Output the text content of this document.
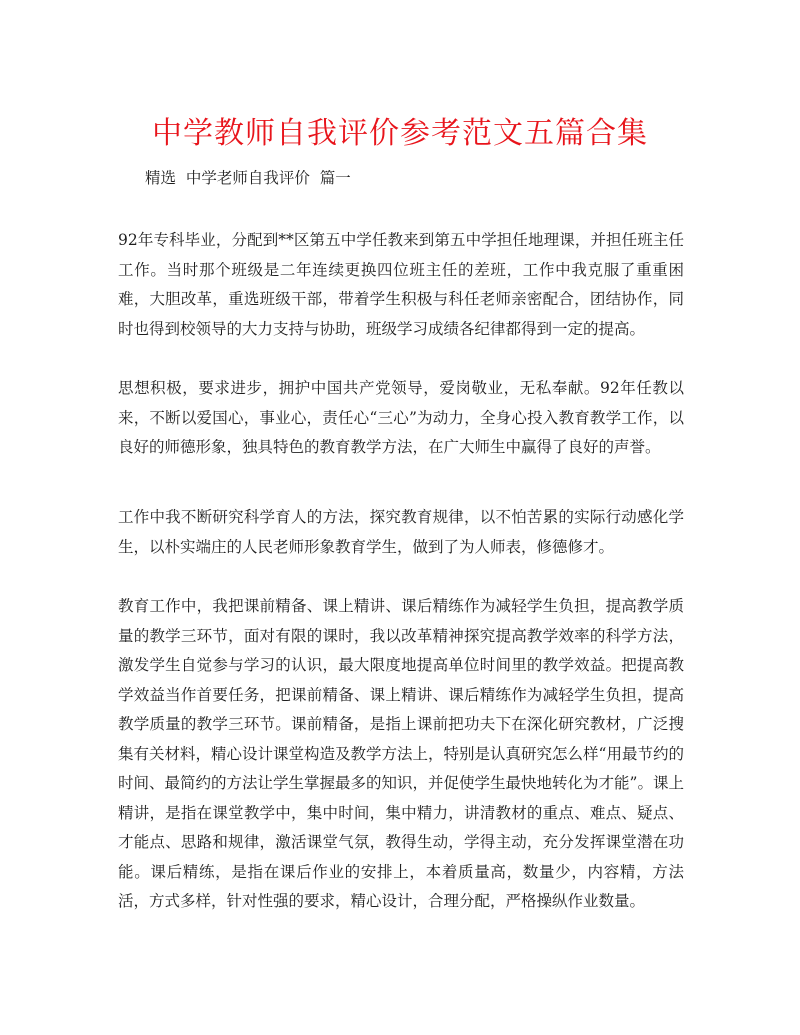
中学教师自我评价参考范文五篇合集

精选  中学老师自我评价  篇一

92年专科毕业，分配到**区第五中学任教来到第五中学担任地理课，并担任班主任工作。当时那个班级是二年连续更换四位班主任的差班，工作中我克服了重重困难，大胆改革，重选班级干部，带着学生积极与科任老师亲密配合，团结协作，同时也得到校领导的大力支持与协助，班级学习成绩各纪律都得到一定的提高。

思想积极，要求进步，拥护中国共产党领导，爱岗敬业，无私奉献。92年任教以来，不断以爱国心，事业心，责任心“三心”为动力，全身心投入教育教学工作，以良好的师德形象，独具特色的教育教学方法，在广大师生中赢得了良好的声誉。

工作中我不断研究科学育人的方法，探究教育规律，以不怕苦累的实际行动感化学生，以朴实端庄的人民老师形象教育学生，做到了为人师表，修德修才。

教育工作中，我把课前精备、课上精讲、课后精练作为减轻学生负担，提高教学质量的教学三环节，面对有限的课时，我以改革精神探究提高教学效率的科学方法，激发学生自觉参与学习的认识，最大限度地提高单位时间里的教学效益。把提高教学效益当作首要任务，把课前精备、课上精讲、课后精练作为减轻学生负担，提高教学质量的教学三环节。课前精备，是指上课前把功夫下在深化研究教材，广泛搜集有关材料，精心设计课堂构造及教学方法上，特别是认真研究怎么样“用最节约的时间、最简约的方法让学生掌握最多的知识，并促使学生最快地转化为才能”。课上精讲，是指在课堂教学中，集中时间，集中精力，讲清教材的重点、难点、疑点、才能点、思路和规律，激活课堂气氛，教得生动，学得主动，充分发挥课堂潜在功能。课后精练，是指在课后作业的安排上，本着质量高，数量少，内容精，方法活，方式多样，针对性强的要求，精心设计，合理分配，严格操纵作业数量。
